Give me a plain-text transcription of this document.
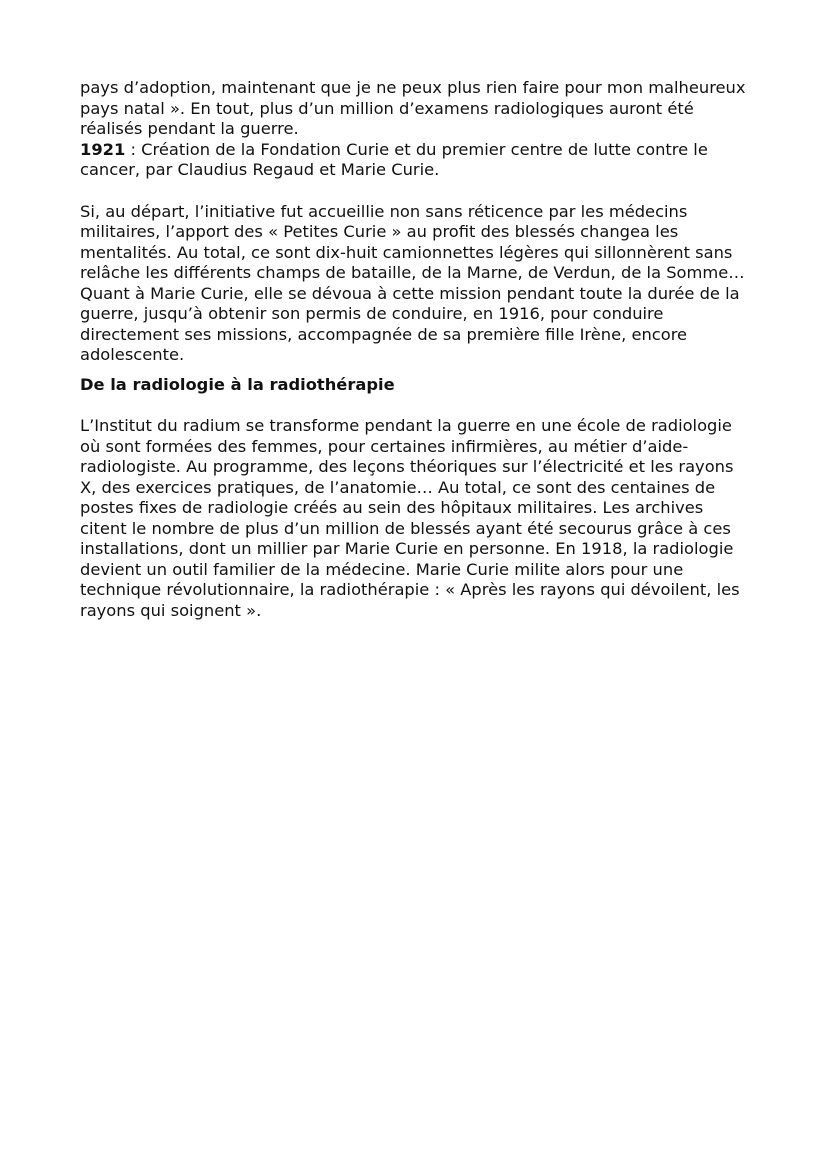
pays d’adoption, maintenant que je ne peux plus rien faire pour mon malheureux pays natal ». En tout, plus d’un million d’examens radiologiques auront été réalisés pendant la guerre.

1921 : Création de la Fondation Curie et du premier centre de lutte contre le cancer, par Claudius Regaud et Marie Curie.

Si, au départ, l’initiative fut accueillie non sans réticence par les médecins militaires, l’apport des « Petites Curie » au profit des blessés changea les mentalités. Au total, ce sont dix-huit camionnettes légères qui sillonnèrent sans relâche les différents champs de bataille, de la Marne, de Verdun, de la Somme… Quant à Marie Curie, elle se dévoua à cette mission pendant toute la durée de la guerre, jusqu’à obtenir son permis de conduire, en 1916, pour conduire directement ses missions, accompagnée de sa première fille Irène, encore adolescente.

De la radiologie à la radiothérapie

L’Institut du radium se transforme pendant la guerre en une école de radiologie où sont formées des femmes, pour certaines infirmières, au métier d’aide-radiologiste. Au programme, des leçons théoriques sur l’électricité et les rayons X, des exercices pratiques, de l’anatomie… Au total, ce sont des centaines de postes fixes de radiologie créés au sein des hôpitaux militaires. Les archives citent le nombre de plus d’un million de blessés ayant été secourus grâce à ces installations, dont un millier par Marie Curie en personne. En 1918, la radiologie devient un outil familier de la médecine. Marie Curie milite alors pour une technique révolutionnaire, la radiothérapie : « Après les rayons qui dévoilent, les rayons qui soignent ».
